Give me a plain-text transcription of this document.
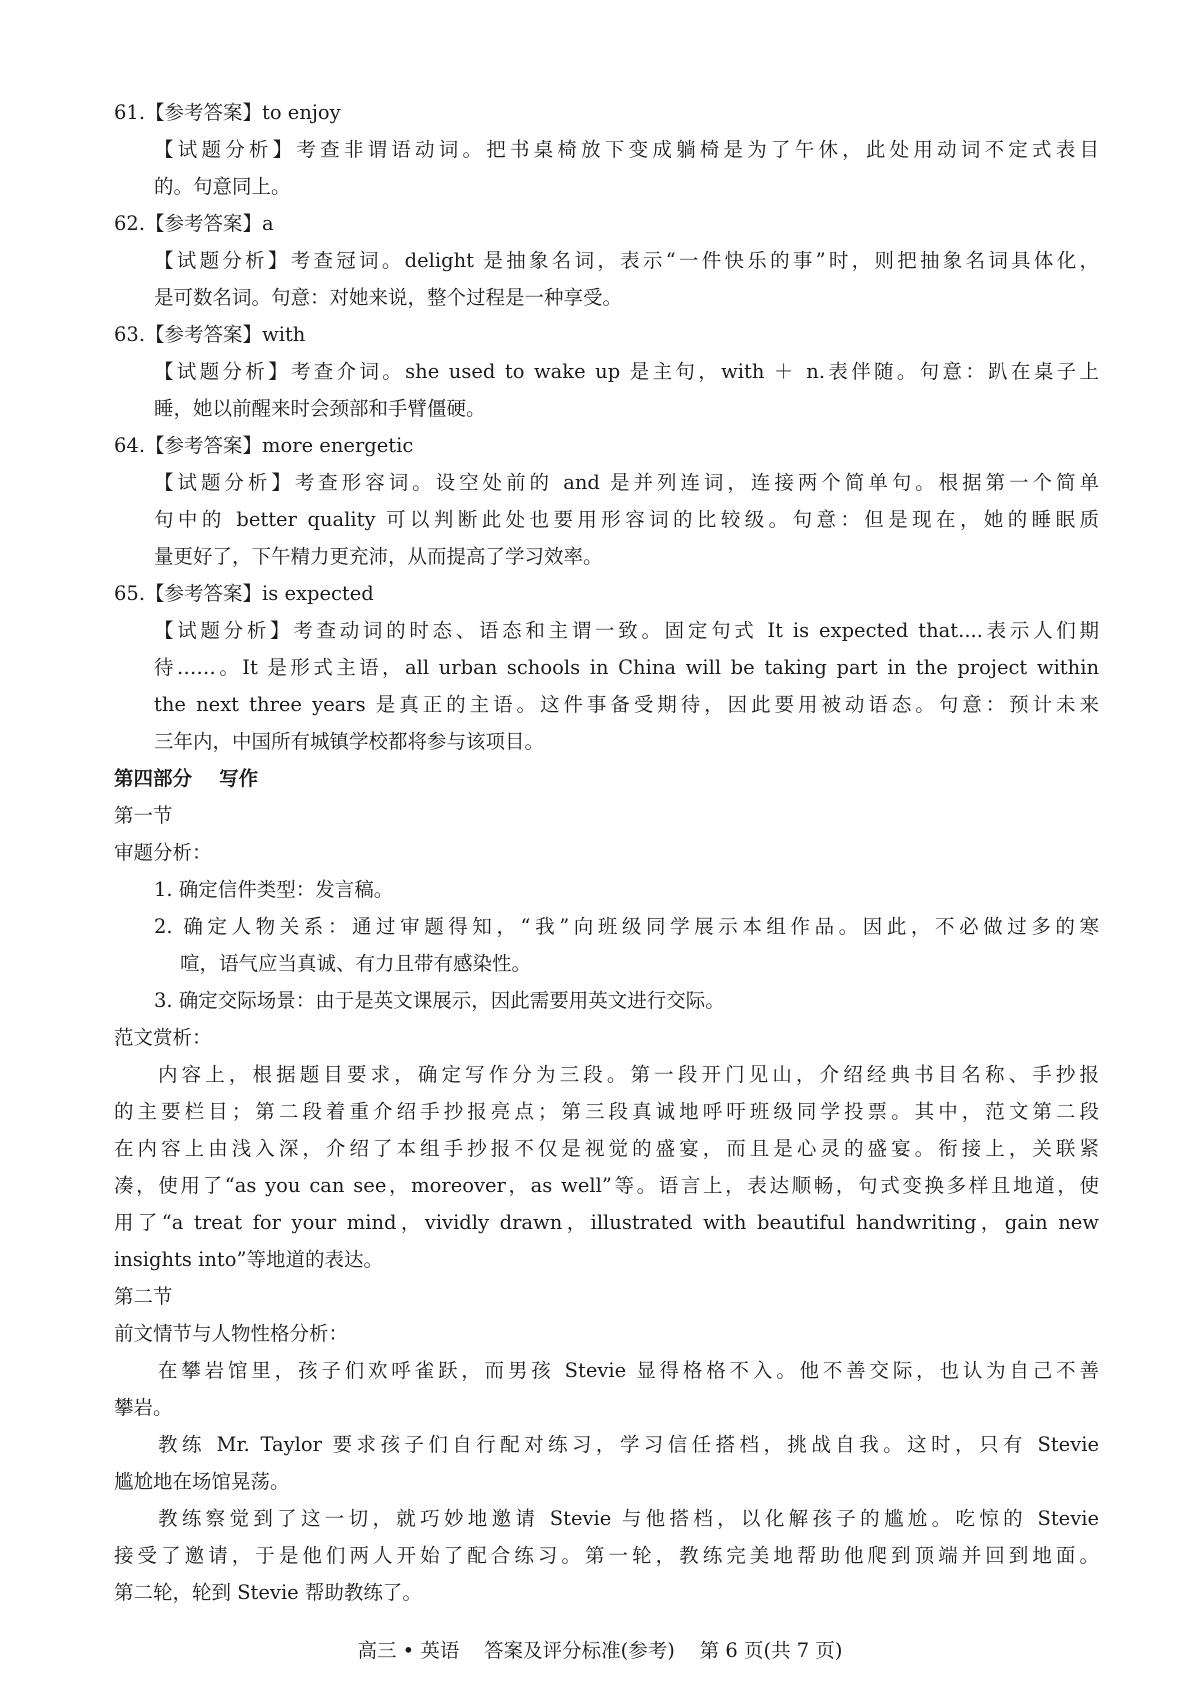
61.【参考答案】to enjoy
【试题分析】考查非谓语动词。把书桌椅放下变成躺椅是为了午休，此处用动词不定式表目
的。句意同上。
62.【参考答案】a
【试题分析】考查冠词。delight 是抽象名词，表示“一件快乐的事”时，则把抽象名词具体化，
是可数名词。句意：对她来说，整个过程是一种享受。
63.【参考答案】with
【试题分析】考查介词。she used to wake up 是主句，with ＋ n.表伴随。句意：趴在桌子上
睡，她以前醒来时会颈部和手臂僵硬。
64.【参考答案】more energetic
【试题分析】考查形容词。设空处前的 and 是并列连词，连接两个简单句。根据第一个简单
句中的 better quality 可以判断此处也要用形容词的比较级。句意：但是现在，她的睡眠质
量更好了，下午精力更充沛，从而提高了学习效率。
65.【参考答案】is expected
【试题分析】考查动词的时态、语态和主谓一致。固定句式 It is expected that....表示人们期
待……。It 是形式主语，all urban schools in China will be taking part in the project within
the next three years 是真正的主语。这件事备受期待，因此要用被动语态。句意：预计未来
三年内，中国所有城镇学校都将参与该项目。
第四部分    写作
第一节
审题分析：
1. 确定信件类型：发言稿。
2. 确定人物关系：通过审题得知，“我”向班级同学展示本组作品。因此，不必做过多的寒
喧，语气应当真诚、有力且带有感染性。
3. 确定交际场景：由于是英文课展示，因此需要用英文进行交际。
范文赏析：
内容上，根据题目要求，确定写作分为三段。第一段开门见山，介绍经典书目名称、手抄报
的主要栏目；第二段着重介绍手抄报亮点；第三段真诚地呼吁班级同学投票。其中，范文第二段
在内容上由浅入深，介绍了本组手抄报不仅是视觉的盛宴，而且是心灵的盛宴。衔接上，关联紧
凑，使用了“as you can see，moreover，as well”等。语言上，表达顺畅，句式变换多样且地道，使
用了“a treat for your mind，vividly drawn，illustrated with beautiful handwriting，gain new
insights into”等地道的表达。
第二节
前文情节与人物性格分析：
在攀岩馆里，孩子们欢呼雀跃，而男孩 Stevie 显得格格不入。他不善交际，也认为自己不善
攀岩。
教练 Mr. Taylor 要求孩子们自行配对练习，学习信任搭档，挑战自我。这时，只有 Stevie
尴尬地在场馆晃荡。
教练察觉到了这一切，就巧妙地邀请 Stevie 与他搭档，以化解孩子的尴尬。吃惊的 Stevie
接受了邀请，于是他们两人开始了配合练习。第一轮，教练完美地帮助他爬到顶端并回到地面。
第二轮，轮到 Stevie 帮助教练了。
高三 • 英语    答案及评分标准(参考)    第 6 页(共 7 页)
